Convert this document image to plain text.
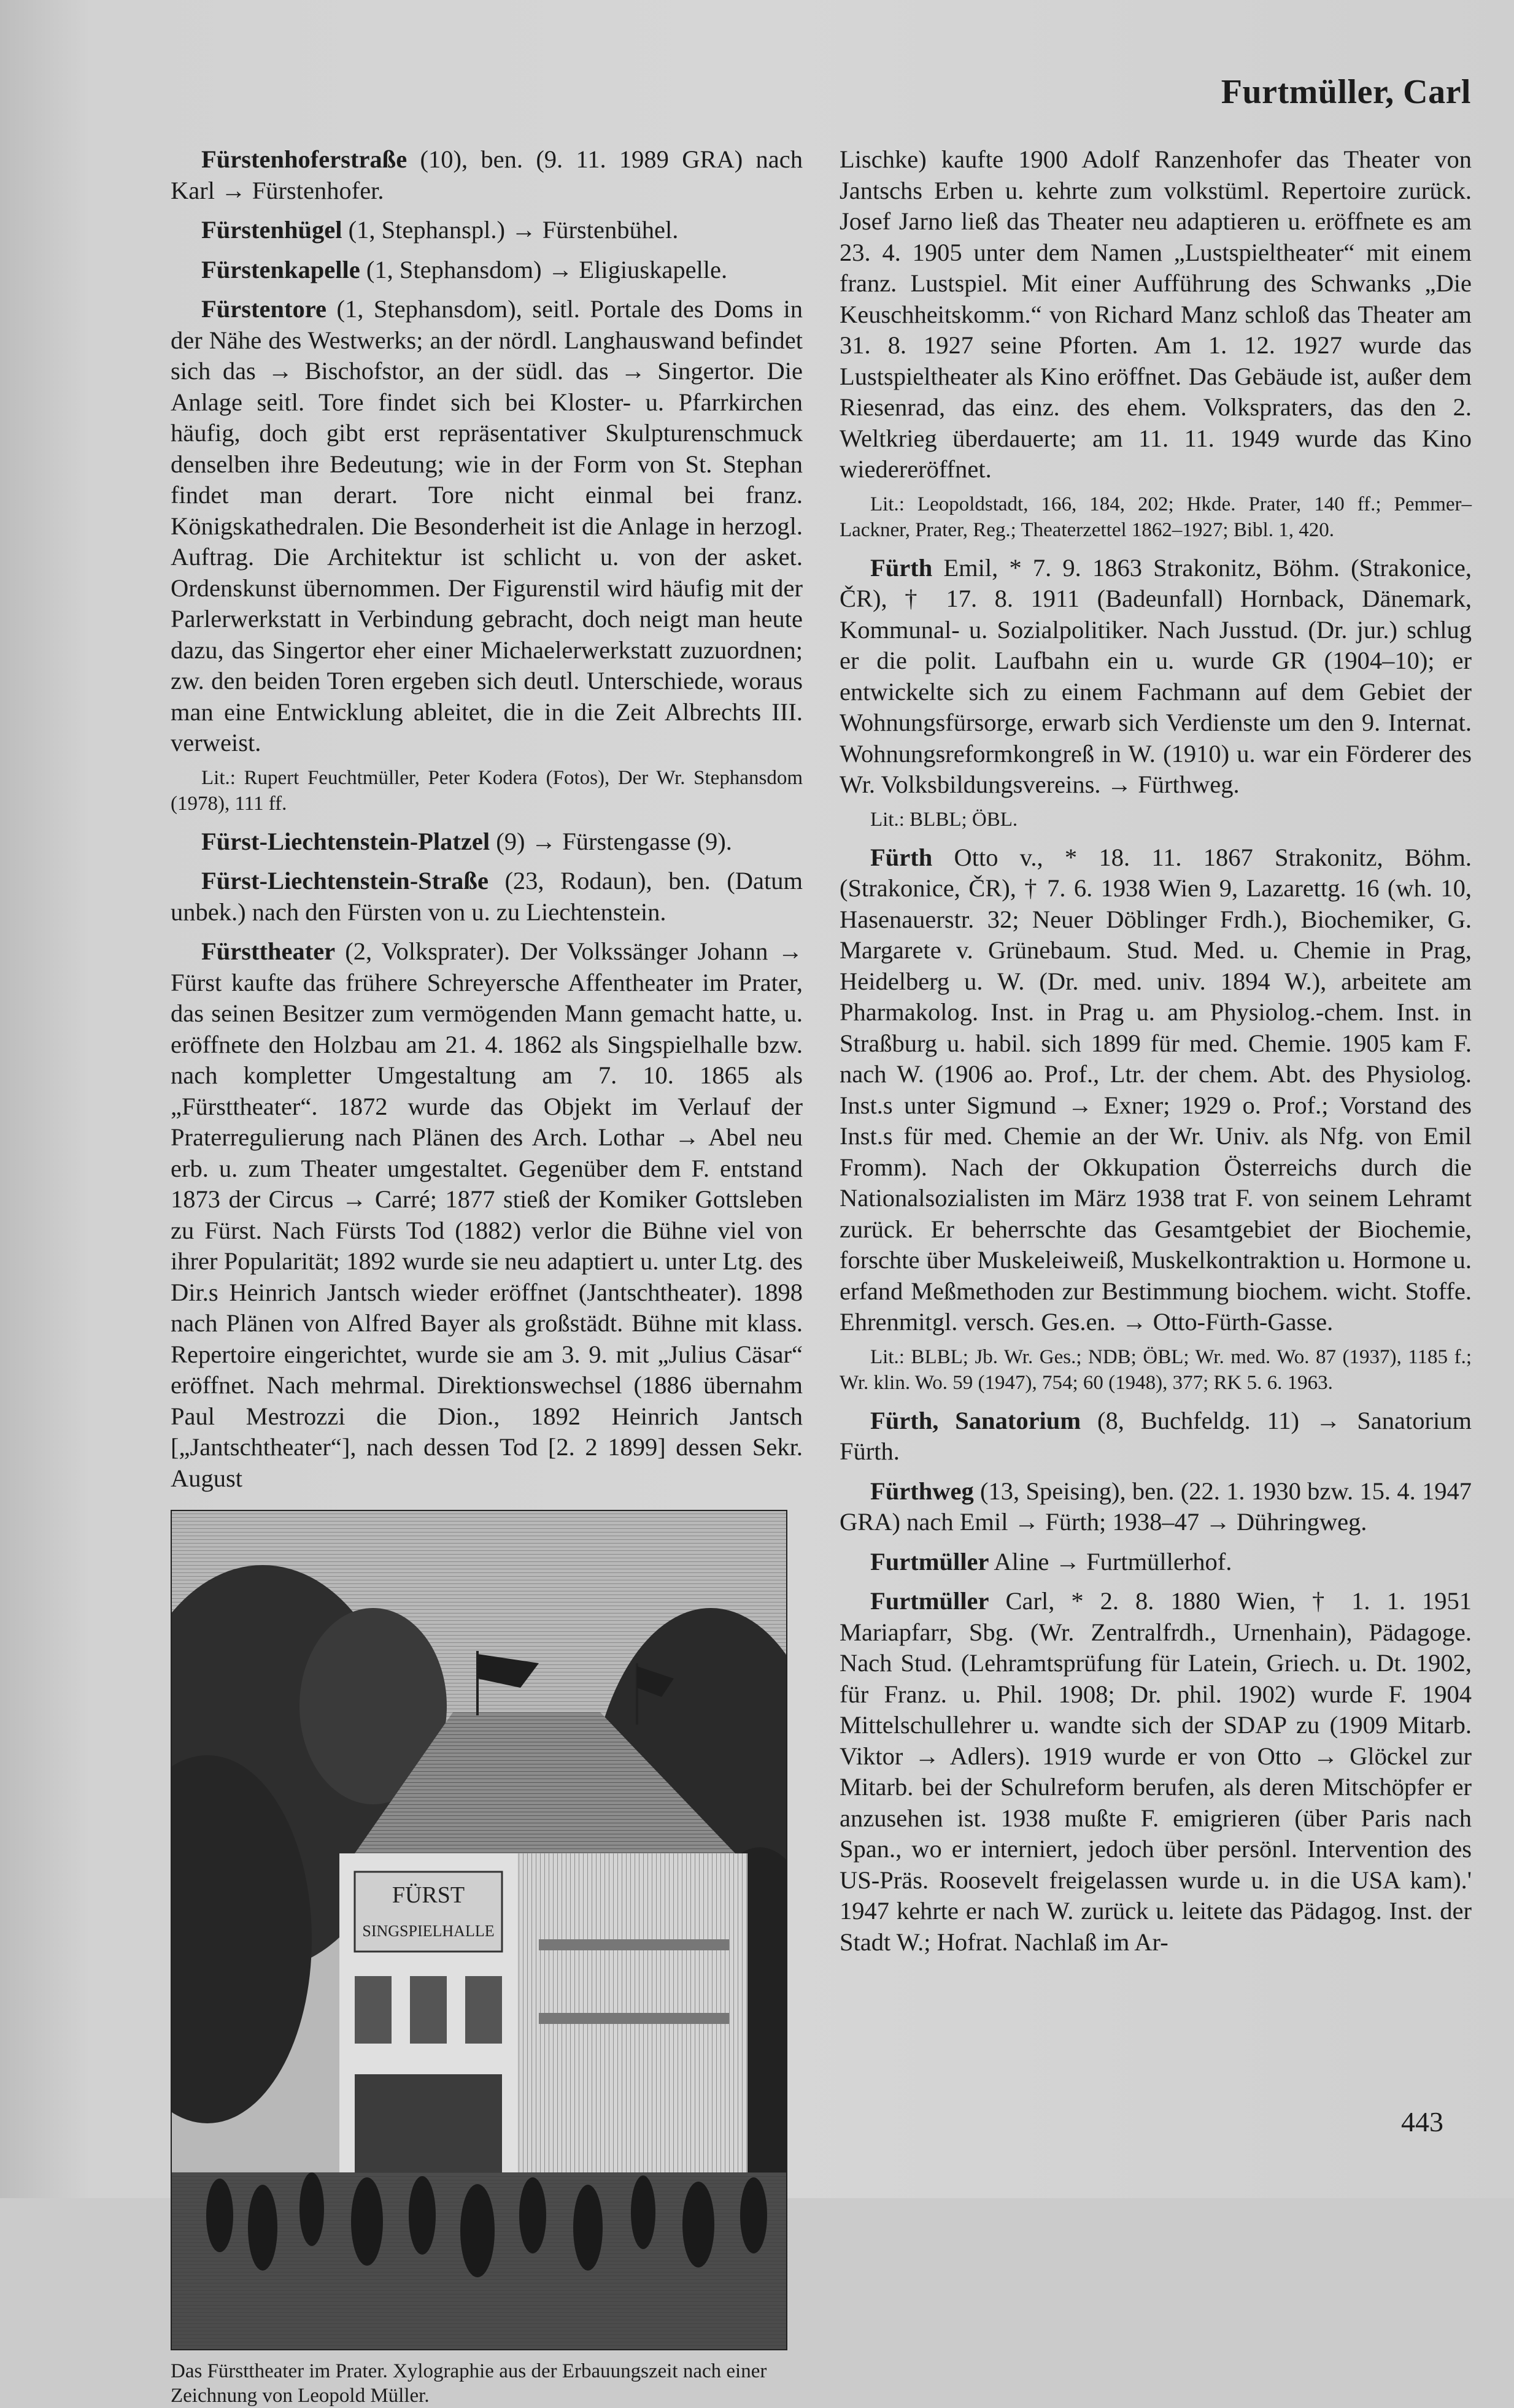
Furtmüller, Carl

Fürstenhoferstraße (10), ben. (9. 11. 1989 GRA) nach Karl → Fürstenhofer.

Fürstenhügel (1, Stephanspl.) → Fürstenbühel.

Fürstenkapelle (1, Stephansdom) → Eligiuskapelle.

Fürstentore (1, Stephansdom), seitl. Portale des Doms in der Nähe des Westwerks; an der nördl. Langhauswand befindet sich das → Bischofstor, an der südl. das → Singertor. Die Anlage seitl. Tore findet sich bei Kloster- u. Pfarrkirchen häufig, doch gibt erst repräsentativer Skulpturenschmuck denselben ihre Bedeutung; wie in der Form von St. Stephan findet man derart. Tore nicht einmal bei franz. Königskathedralen. Die Besonderheit ist die Anlage in herzogl. Auftrag. Die Architektur ist schlicht u. von der asket. Ordenskunst übernommen. Der Figurenstil wird häufig mit der Parlerwerkstatt in Verbindung gebracht, doch neigt man heute dazu, das Singertor eher einer Michaelerwerkstatt zuzuordnen; zw. den beiden Toren ergeben sich deutl. Unterschiede, woraus man eine Entwicklung ableitet, die in die Zeit Albrechts III. verweist.

Lit.: Rupert Feuchtmüller, Peter Kodera (Fotos), Der Wr. Stephansdom (1978), 111 ff.

Fürst-Liechtenstein-Platzel (9) → Fürstengasse (9).

Fürst-Liechtenstein-Straße (23, Rodaun), ben. (Datum unbek.) nach den Fürsten von u. zu Liechtenstein.

Fürsttheater (2, Volksprater). Der Volkssänger Johann → Fürst kaufte das frühere Schreyersche Affentheater im Prater, das seinen Besitzer zum vermögenden Mann gemacht hatte, u. eröffnete den Holzbau am 21. 4. 1862 als Singspielhalle bzw. nach kompletter Umgestaltung am 7. 10. 1865 als „Fürsttheater“. 1872 wurde das Objekt im Verlauf der Praterregulierung nach Plänen des Arch. Lothar → Abel neu erb. u. zum Theater umgestaltet. Gegenüber dem F. entstand 1873 der Circus → Carré; 1877 stieß der Komiker Gottsleben zu Fürst. Nach Fürsts Tod (1882) verlor die Bühne viel von ihrer Popularität; 1892 wurde sie neu adaptiert u. unter Ltg. des Dir.s Heinrich Jantsch wieder eröffnet (Jantschtheater). 1898 nach Plänen von Alfred Bayer als großstädt. Bühne mit klass. Repertoire eingerichtet, wurde sie am 3. 9. mit „Julius Cäsar“ eröffnet. Nach mehrmal. Direktionswechsel (1886 übernahm Paul Mestrozzi die Dion., 1892 Heinrich Jantsch [„Jantschtheater“], nach dessen Tod [2. 2 1899] dessen Sekr. August

FÜRST
SINGSPIELHALLE
Das Fürsttheater im Prater. Xylographie aus der Erbauungszeit nach einer Zeichnung von Leopold Müller.

Lischke) kaufte 1900 Adolf Ranzenhofer das Theater von Jantschs Erben u. kehrte zum volkstüml. Repertoire zurück. Josef Jarno ließ das Theater neu adaptieren u. eröffnete es am 23. 4. 1905 unter dem Namen „Lustspieltheater“ mit einem franz. Lustspiel. Mit einer Aufführung des Schwanks „Die Keuschheitskomm.“ von Richard Manz schloß das Theater am 31. 8. 1927 seine Pforten. Am 1. 12. 1927 wurde das Lustspieltheater als Kino eröffnet. Das Gebäude ist, außer dem Riesenrad, das einz. des ehem. Volkspraters, das den 2. Weltkrieg überdauerte; am 11. 11. 1949 wurde das Kino wiedereröffnet.

Lit.: Leopoldstadt, 166, 184, 202; Hkde. Prater, 140 ff.; Pemmer–Lackner, Prater, Reg.; Theaterzettel 1862–1927; Bibl. 1, 420.

Fürth Emil, * 7. 9. 1863 Strakonitz, Böhm. (Strakonice, ČR), † 17. 8. 1911 (Badeunfall) Hornback, Dänemark, Kommunal- u. Sozialpolitiker. Nach Jusstud. (Dr. jur.) schlug er die polit. Laufbahn ein u. wurde GR (1904–10); er entwickelte sich zu einem Fachmann auf dem Gebiet der Wohnungsfürsorge, erwarb sich Verdienste um den 9. Internat. Wohnungsreformkongreß in W. (1910) u. war ein Förderer des Wr. Volksbildungsvereins. → Fürthweg.

Lit.: BLBL; ÖBL.

Fürth Otto v., * 18. 11. 1867 Strakonitz, Böhm. (Strakonice, ČR), † 7. 6. 1938 Wien 9, Lazarettg. 16 (wh. 10, Hasenauerstr. 32; Neuer Döblinger Frdh.), Biochemiker, G. Margarete v. Grünebaum. Stud. Med. u. Chemie in Prag, Heidelberg u. W. (Dr. med. univ. 1894 W.), arbeitete am Pharmakolog. Inst. in Prag u. am Physiolog.-chem. Inst. in Straßburg u. habil. sich 1899 für med. Chemie. 1905 kam F. nach W. (1906 ao. Prof., Ltr. der chem. Abt. des Physiolog. Inst.s unter Sigmund → Exner; 1929 o. Prof.; Vorstand des Inst.s für med. Chemie an der Wr. Univ. als Nfg. von Emil Fromm). Nach der Okkupation Österreichs durch die Nationalsozialisten im März 1938 trat F. von seinem Lehramt zurück. Er beherrschte das Gesamtgebiet der Biochemie, forschte über Muskeleiweiß, Muskelkontraktion u. Hormone u. erfand Meßmethoden zur Bestimmung biochem. wicht. Stoffe. Ehrenmitgl. versch. Ges.en. → Otto-Fürth-Gasse.

Lit.: BLBL; Jb. Wr. Ges.; NDB; ÖBL; Wr. med. Wo. 87 (1937), 1185 f.; Wr. klin. Wo. 59 (1947), 754; 60 (1948), 377; RK 5. 6. 1963.

Fürth, Sanatorium (8, Buchfeldg. 11) → Sanatorium Fürth.

Fürthweg (13, Speising), ben. (22. 1. 1930 bzw. 15. 4. 1947 GRA) nach Emil → Fürth; 1938–47 → Dühringweg.

Furtmüller Aline → Furtmüllerhof.

Furtmüller Carl, * 2. 8. 1880 Wien, † 1. 1. 1951 Mariapfarr, Sbg. (Wr. Zentralfrdh., Urnenhain), Pädagoge. Nach Stud. (Lehramtsprüfung für Latein, Griech. u. Dt. 1902, für Franz. u. Phil. 1908; Dr. phil. 1902) wurde F. 1904 Mittelschullehrer u. wandte sich der SDAP zu (1909 Mitarb. Viktor → Adlers). 1919 wurde er von Otto → Glöckel zur Mitarb. bei der Schulreform berufen, als deren Mitschöpfer er anzusehen ist. 1938 mußte F. emigrieren (über Paris nach Span., wo er interniert, jedoch über persönl. Intervention des US-Präs. Roosevelt freigelassen wurde u. in die USA kam).' 1947 kehrte er nach W. zurück u. leitete das Pädagog. Inst. der Stadt W.; Hofrat. Nachlaß im Ar-

443
